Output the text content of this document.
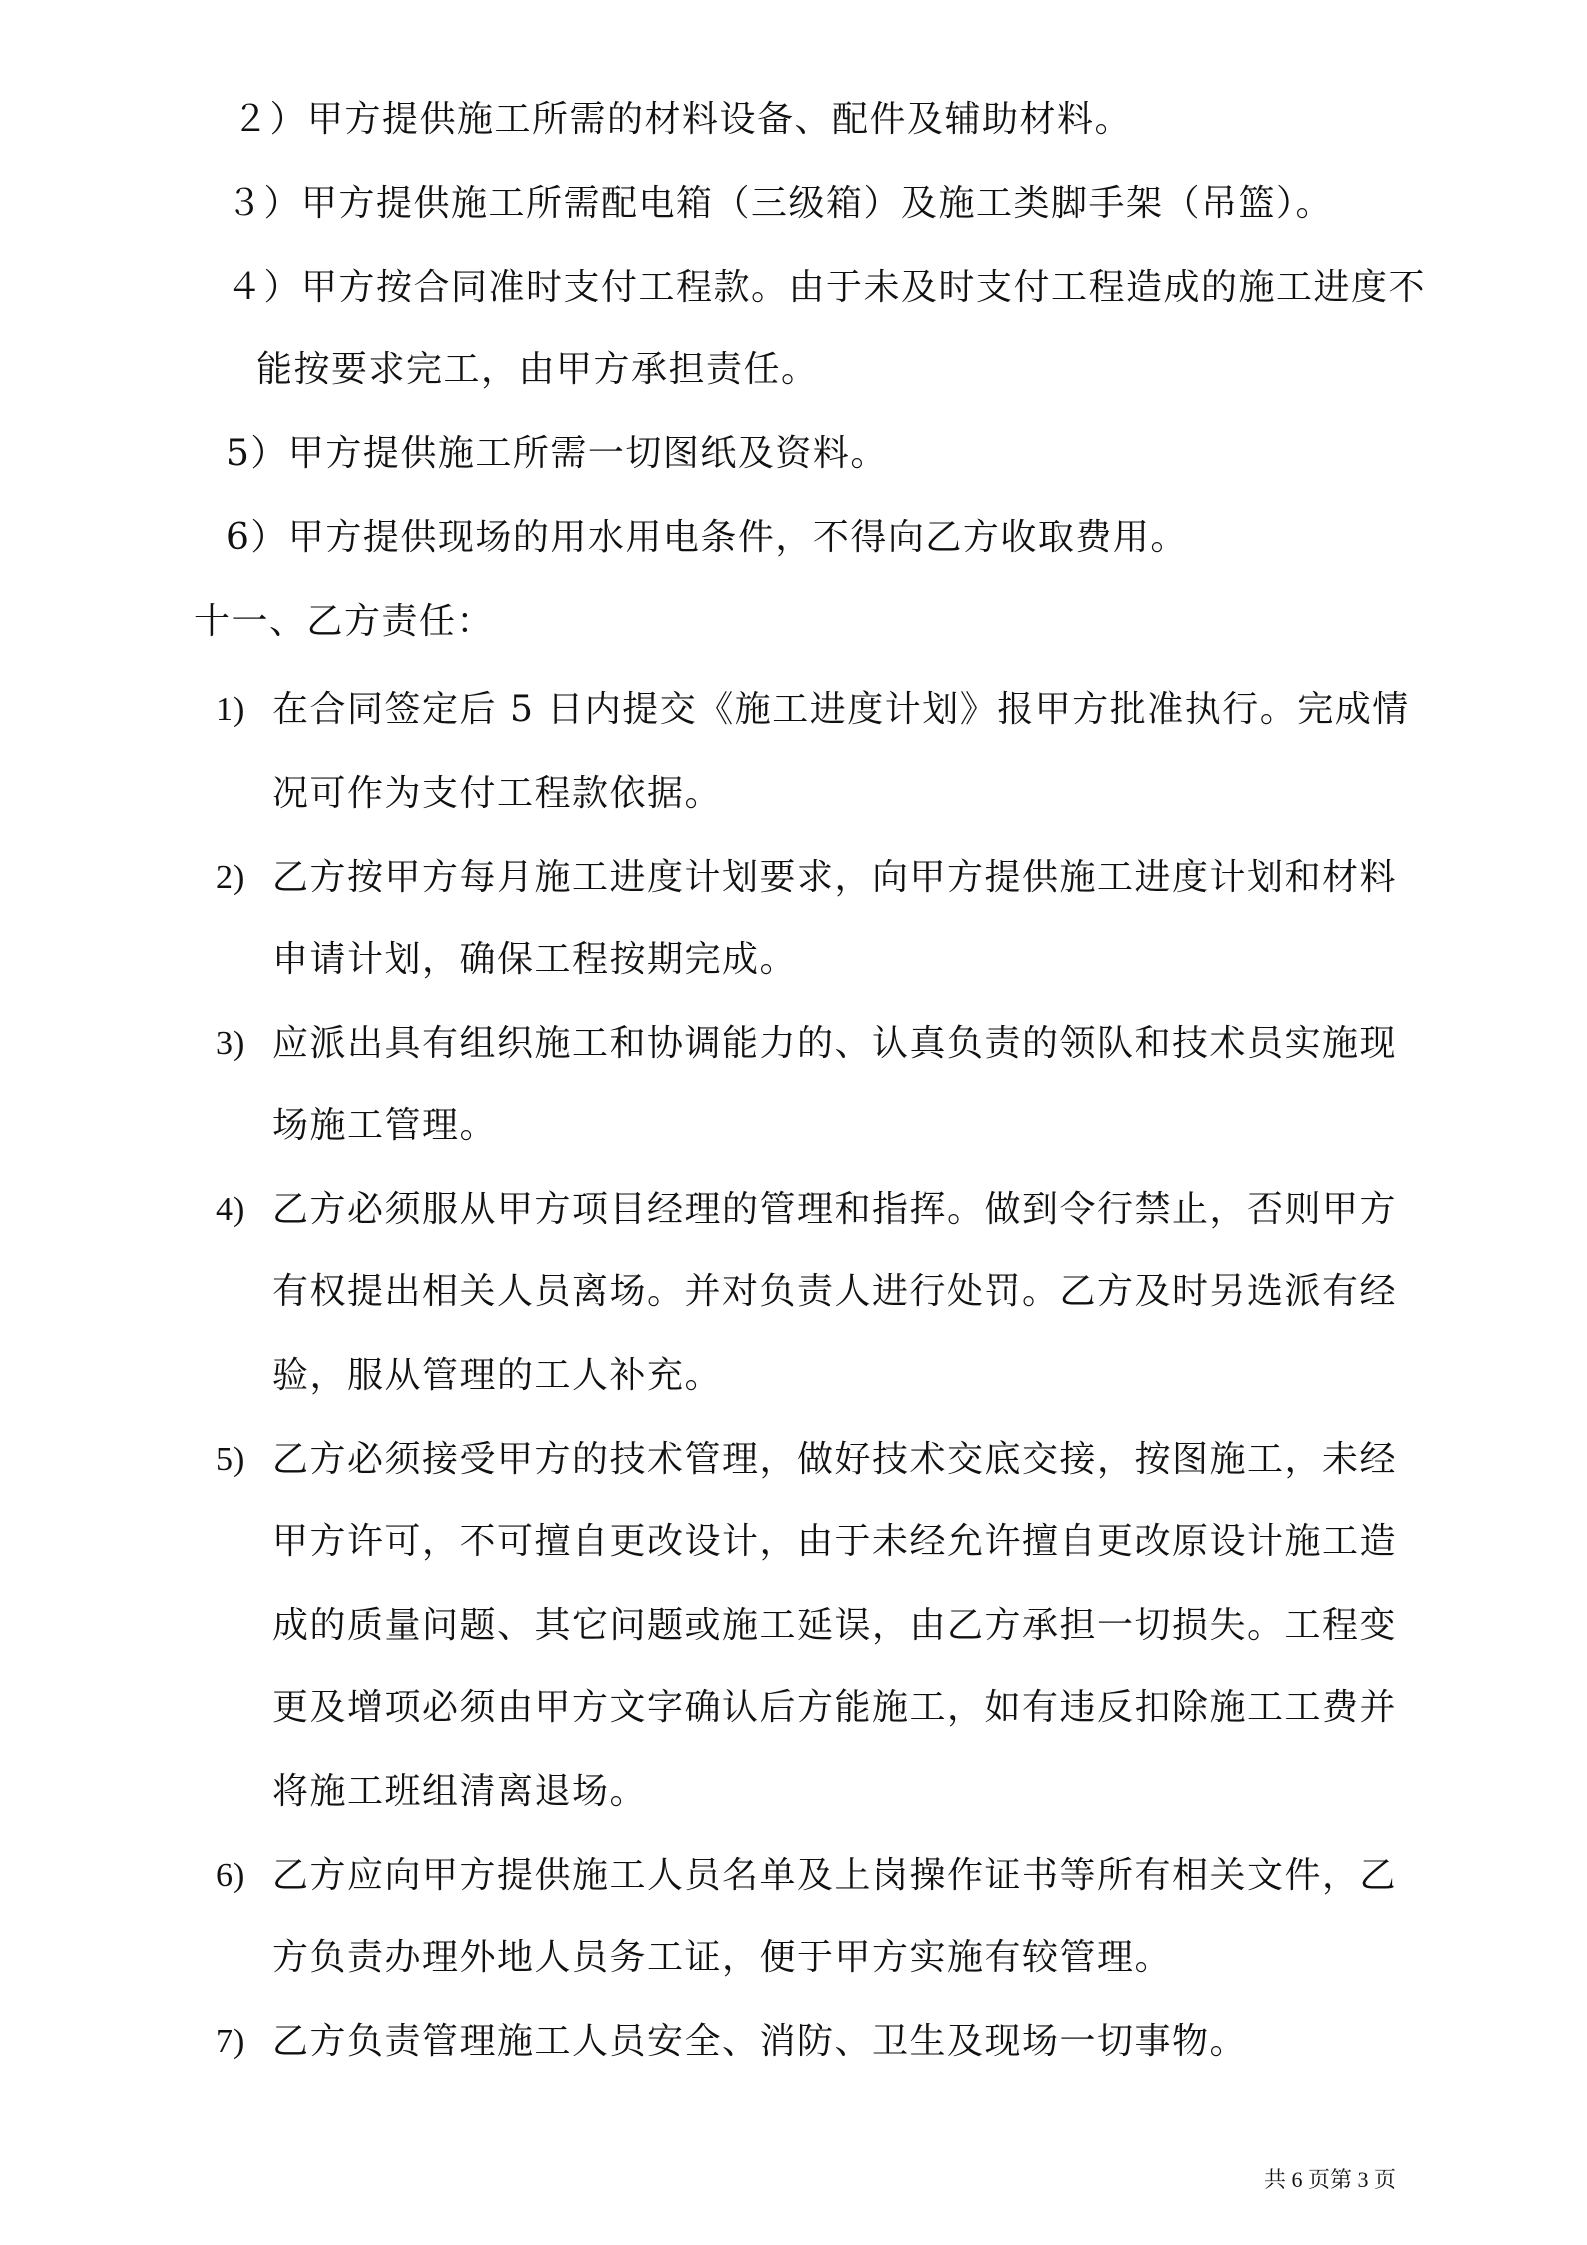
２）甲方提供施工所需的材料设备、配件及辅助材料。
３）甲方提供施工所需配电箱（三级箱）及施工类脚手架（吊篮）。
４）甲方按合同准时支付工程款。由于未及时支付工程造成的施工进度不
能按要求完工，由甲方承担责任。
5）甲方提供施工所需一切图纸及资料。
6）甲方提供现场的用水用电条件，不得向乙方收取费用。
十一、乙方责任：
1) 在合同签定后 5 日内提交《施工进度计划》报甲方批准执行。完成情
况可作为支付工程款依据。
2) 乙方按甲方每月施工进度计划要求，向甲方提供施工进度计划和材料
申请计划，确保工程按期完成。
3) 应派出具有组织施工和协调能力的、认真负责的领队和技术员实施现
场施工管理。
4) 乙方必须服从甲方项目经理的管理和指挥。做到令行禁止，否则甲方
有权提出相关人员离场。并对负责人进行处罚。乙方及时另选派有经
验，服从管理的工人补充。
5) 乙方必须接受甲方的技术管理，做好技术交底交接，按图施工，未经
甲方许可，不可擅自更改设计，由于未经允许擅自更改原设计施工造
成的质量问题、其它问题或施工延误，由乙方承担一切损失。工程变
更及增项必须由甲方文字确认后方能施工，如有违反扣除施工工费并
将施工班组清离退场。
6) 乙方应向甲方提供施工人员名单及上岗操作证书等所有相关文件，乙
方负责办理外地人员务工证，便于甲方实施有较管理。
7) 乙方负责管理施工人员安全、消防、卫生及现场一切事物。
共 6 页第 3 页
